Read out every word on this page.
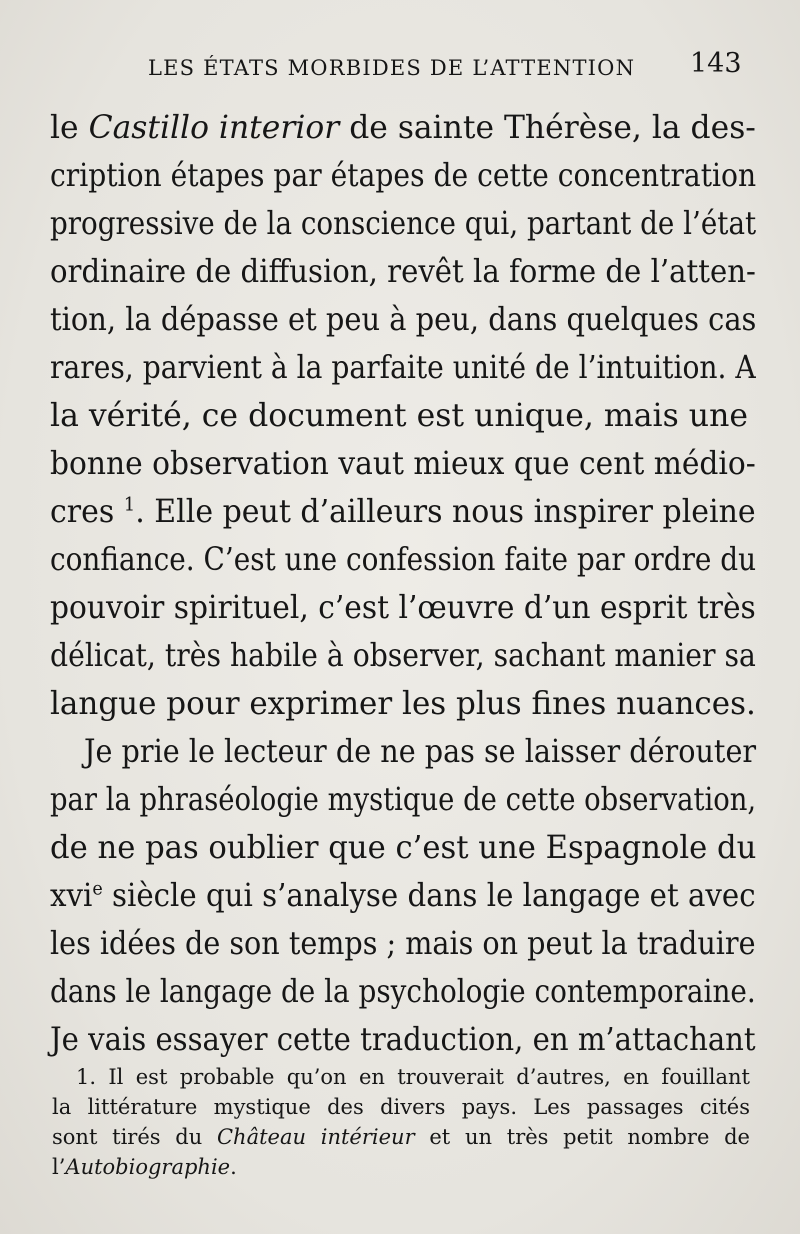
LES ÉTATS MORBIDES DE L’ATTENTION 143
le Castillo interior de sainte Thérèse, la des-
cription étapes par étapes de cette concentration
progressive de la conscience qui, partant de l’état
ordinaire de diffusion, revêt la forme de l’atten-
tion, la dépasse et peu à peu, dans quelques cas
rares, parvient à la parfaite unité de l’intuition. A
la vérité, ce document est unique, mais une
bonne observation vaut mieux que cent médio-
cres $^1$. Elle peut d’ailleurs nous inspirer pleine
confiance. C’est une confession faite par ordre du
pouvoir spirituel, c’est l’œuvre d’un esprit très
délicat, très habile à observer, sachant manier sa
langue pour exprimer les plus fines nuances.
Je prie le lecteur de ne pas se laisser dérouter
par la phraséologie mystique de cette observation,
de ne pas oublier que c’est une Espagnole du
xvi$^e$ siècle qui s’analyse dans le langage et avec
les idées de son temps ; mais on peut la traduire
dans le langage de la psychologie contemporaine.
Je vais essayer cette traduction, en m’attachant
1. Il est probable qu’on en trouverait d’autres, en fouillant
la littérature mystique des divers pays. Les passages cités
sont tirés du Château intérieur et un très petit nombre de
l’Autobiographie.
